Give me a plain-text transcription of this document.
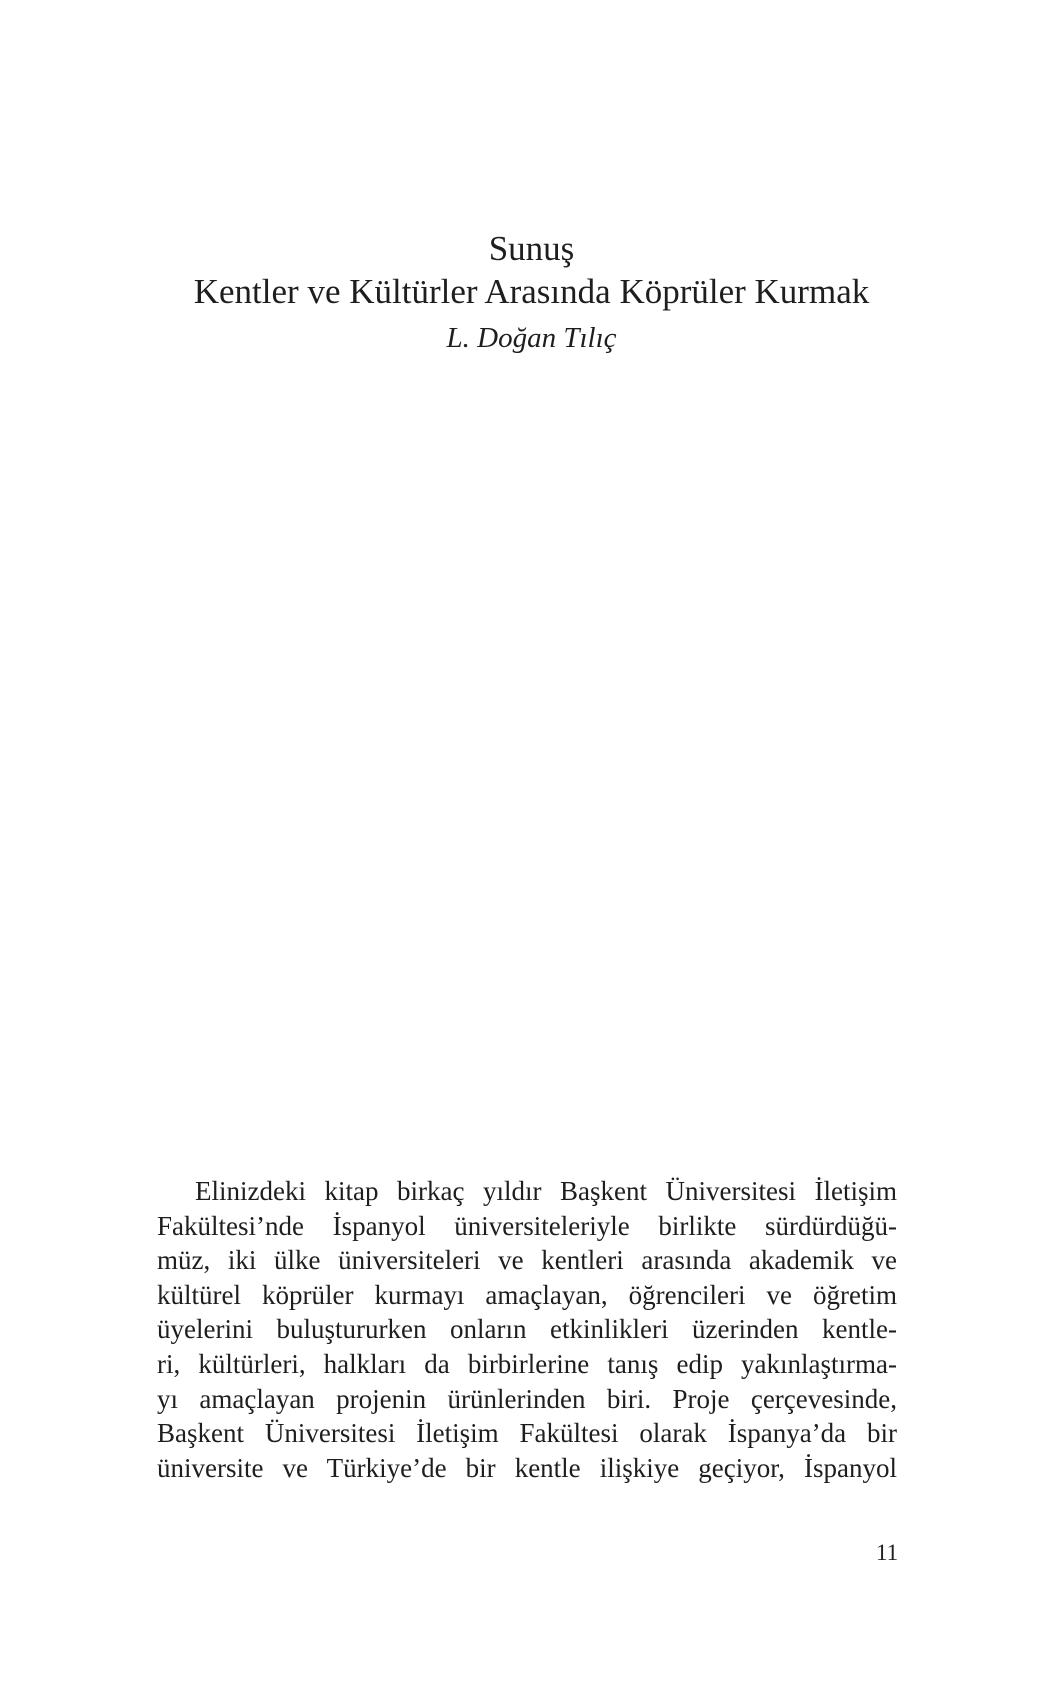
Sunuş
Kentler ve Kültürler Arasında Köprüler Kurmak
L. Doğan Tılıç
Elinizdeki kitap birkaç yıldır Başkent Üniversitesi İletişim
Fakültesi’nde İspanyol üniversiteleriyle birlikte sürdürdüğü-
müz, iki ülke üniversiteleri ve kentleri arasında akademik ve
kültürel köprüler kurmayı amaçlayan, öğrencileri ve öğretim
üyelerini buluştururken onların etkinlikleri üzerinden kentle-
ri, kültürleri, halkları da birbirlerine tanış edip yakınlaştırma-
yı amaçlayan projenin ürünlerinden biri. Proje çerçevesinde,
Başkent Üniversitesi İletişim Fakültesi olarak İspanya’da bir
üniversite ve Türkiye’de bir kentle ilişkiye geçiyor, İspanyol
11
